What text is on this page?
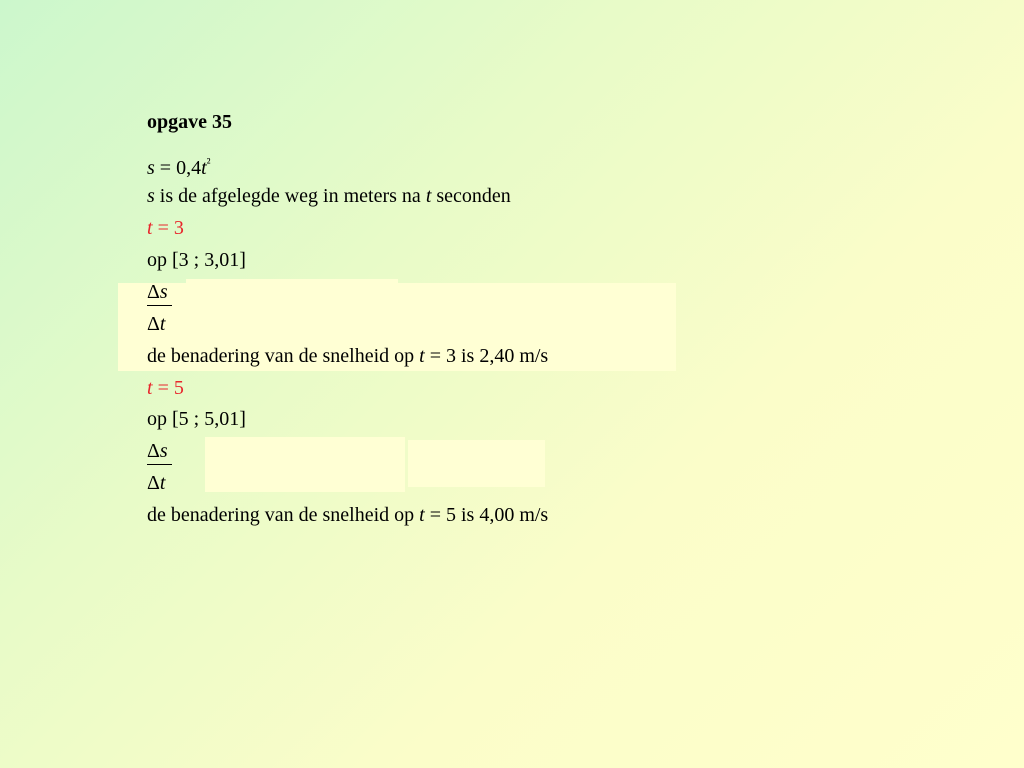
opgave 35
$s = 0,4t^{^2}$
s is de afgelegde weg in meters na t seconden
t = 3
op [3 ; 3,01]
Δs
Δt
de benadering van de snelheid op t = 3 is 2,40 m/s
t = 5
op [5 ; 5,01]
Δs
Δt
de benadering van de snelheid op t = 5 is 4,00 m/s
